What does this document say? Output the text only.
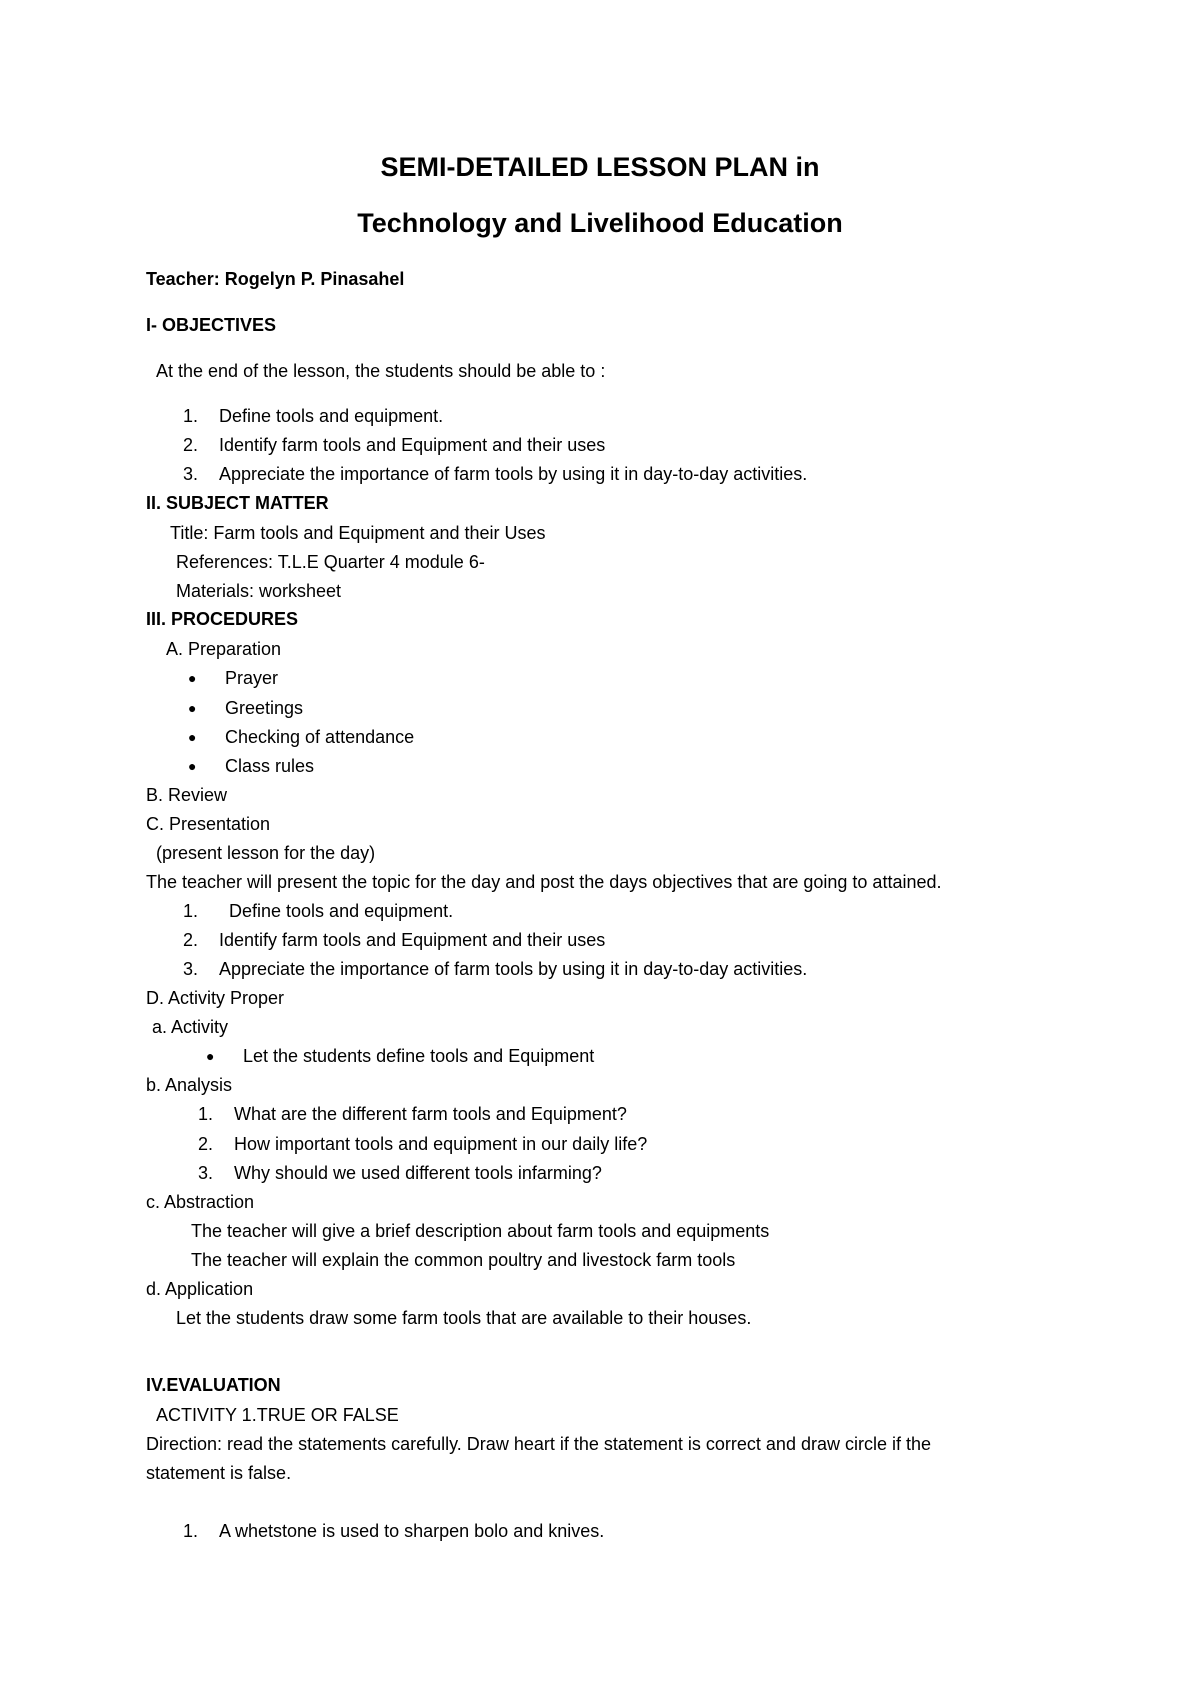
SEMI-DETAILED LESSON PLAN in
Technology and Livelihood Education
Teacher: Rogelyn P. Pinasahel
I- OBJECTIVES
At the end of the lesson, the students should be able to :
1. Define tools and equipment.
2. Identify farm tools and Equipment and their uses
3. Appreciate the importance of farm tools by using it in day-to-day activities.
II. SUBJECT MATTER
Title: Farm tools and Equipment and their Uses
References: T.L.E Quarter 4 module 6-
Materials: worksheet
III. PROCEDURES
A. Preparation
● Prayer
● Greetings
● Checking of attendance
● Class rules
B. Review
C. Presentation
(present lesson for the day)
The teacher will present the topic for the day and post the days objectives that are going to attained.
1. Define tools and equipment.
2. Identify farm tools and Equipment and their uses
3. Appreciate the importance of farm tools by using it in day-to-day activities.
D. Activity Proper
a. Activity
● Let the students define tools and Equipment
b. Analysis
1. What are the different farm tools and Equipment?
2. How important tools and equipment in our daily life?
3. Why should we used different tools infarming?
c. Abstraction
The teacher will give a brief description about farm tools and equipments
The teacher will explain the common poultry and livestock farm tools
d. Application
Let the students draw some farm tools that are available to their houses.
IV.EVALUATION
ACTIVITY 1.TRUE OR FALSE
Direction: read the statements carefully. Draw heart if the statement is correct and draw circle if the
statement is false.
1. A whetstone is used to sharpen bolo and knives.
